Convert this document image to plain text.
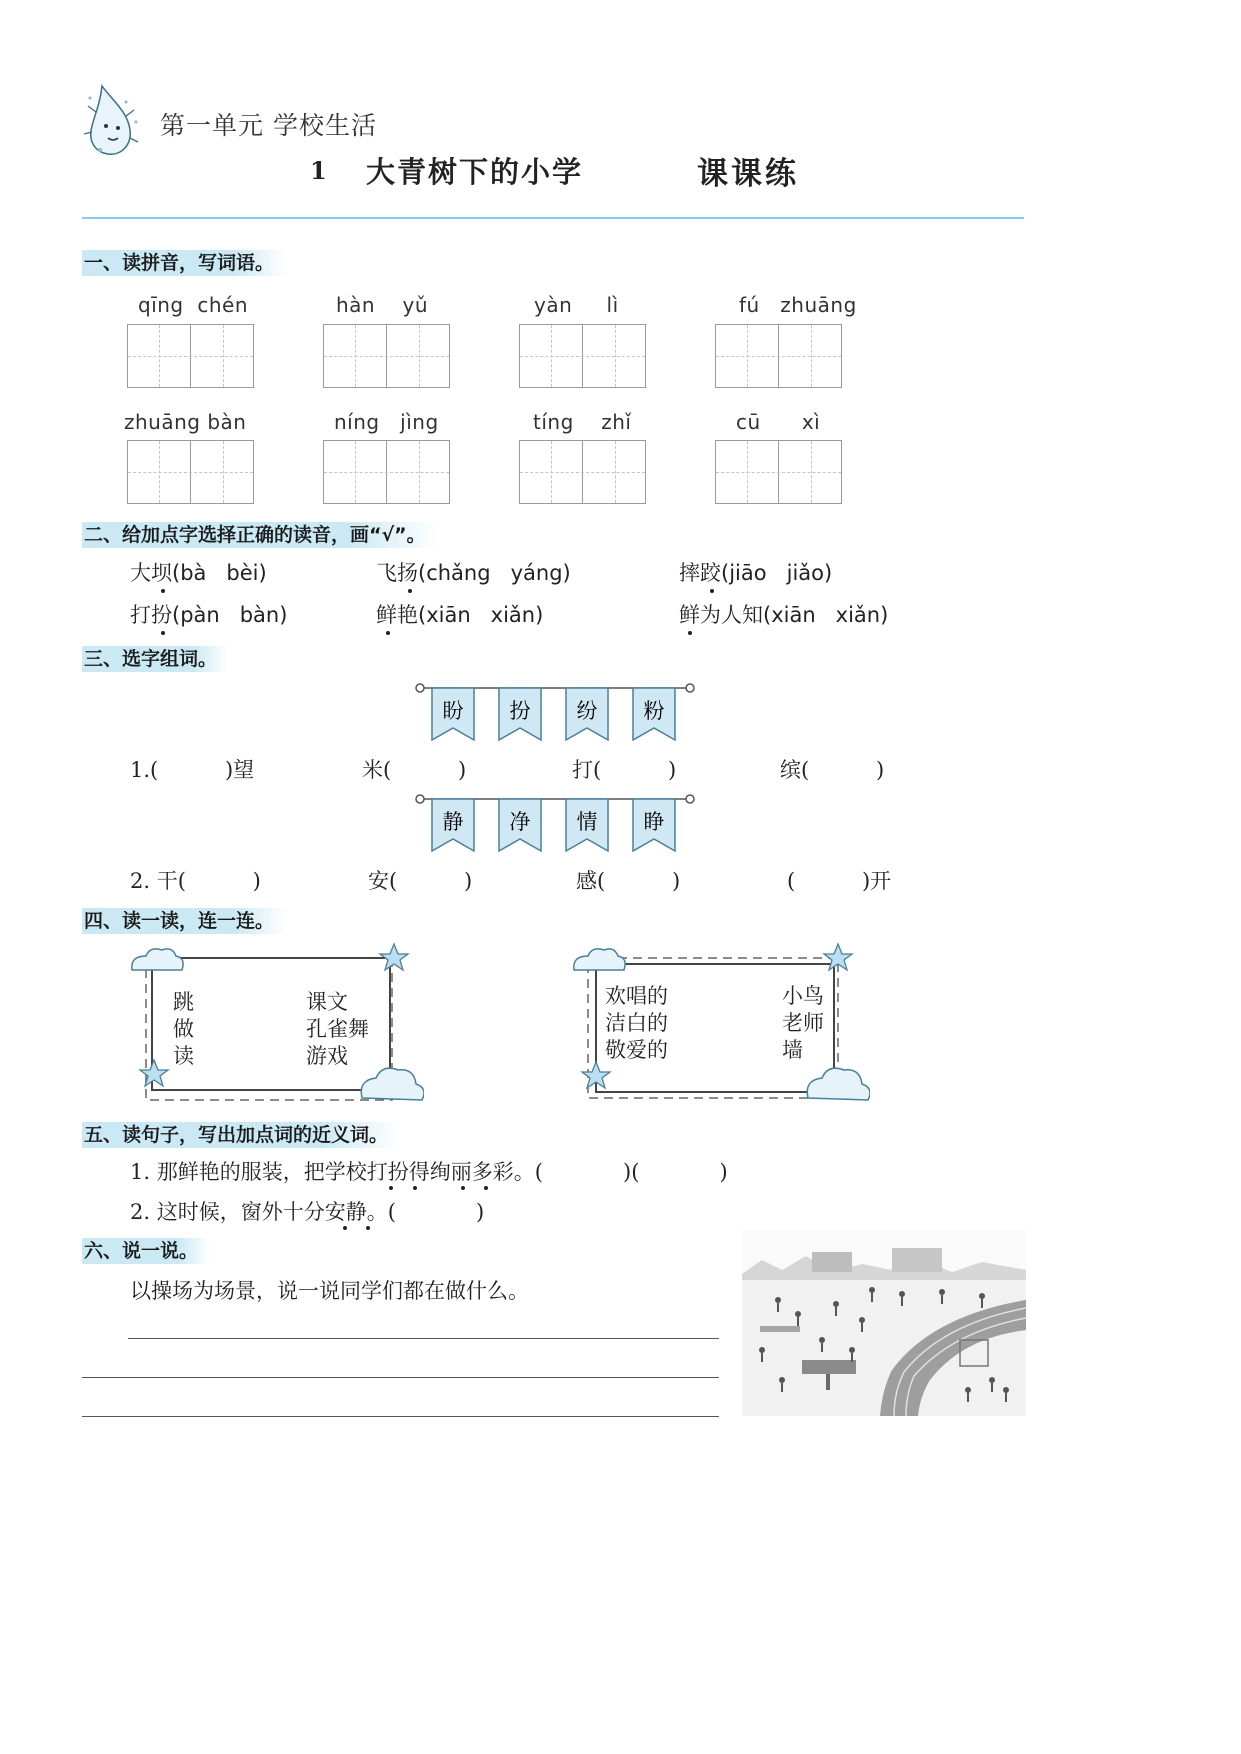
第一单元 学校生活
1 大青树下的小学	课课练
一、读拼音，写词语。
qīng  chén	hàn    yǔ	yàn     lì	fú   zhuāng
zhuāng bàn	níng   jìng	tíng    zhǐ	cū      xì
二、给加点字选择正确的读音，画“√”。
大坝(bà   bèi)	飞扬(chǎng   yáng)	摔跤(jiāo   jiǎo)
打扮(pàn   bàn)	鲜艳(xiān   xiǎn)	鲜为人知(xiān   xiǎn)
三、选字组词。
盼 扮 纷 粉
1.(          )望	米(          )	打(          )	缤(          )
静 净 情 睁
2. 干(          )	安(          )	感(          )	(          )开
四、读一读，连一连。
跳
做
读
课文
孔雀舞
游戏
欢唱的
洁白的
敬爱的
小鸟
老师
墙
五、读句子，写出加点词的近义词。
1. 那鲜艳的服装，把学校打扮得绚丽多彩。(            )(            )
2. 这时候，窗外十分安静。(            )
六、说一说。
以操场为场景，说一说同学们都在做什么。
